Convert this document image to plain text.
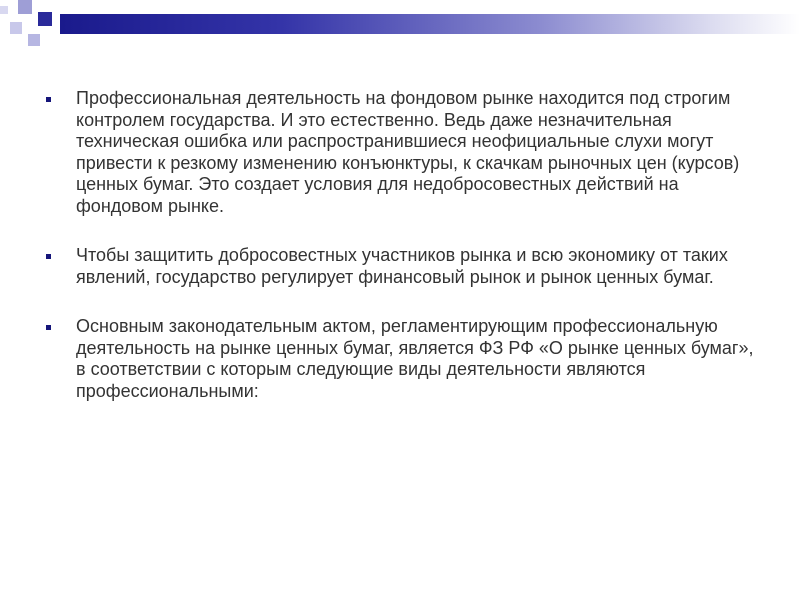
Профессиональная деятельность на фондовом рынке находится под строгим контролем государства. И это естественно. Ведь даже незначительная техническая ошибка или распространившиеся неофициальные слухи могут привести к резкому изменению конъюнктуры, к скачкам рыночных цен (курсов) ценных бумаг. Это создает условия для недобросовестных действий на фондовом рынке.

Чтобы защитить добросовестных участников рынка и всю экономику от таких явлений, государство регулирует финансовый рынок и рынок ценных бумаг.

Основным законодательным актом, регламентирующим профессиональную деятельность на рынке ценных бумаг, является ФЗ РФ «О рынке ценных бумаг», в соответствии с которым следующие виды деятельности являются профессиональными:
